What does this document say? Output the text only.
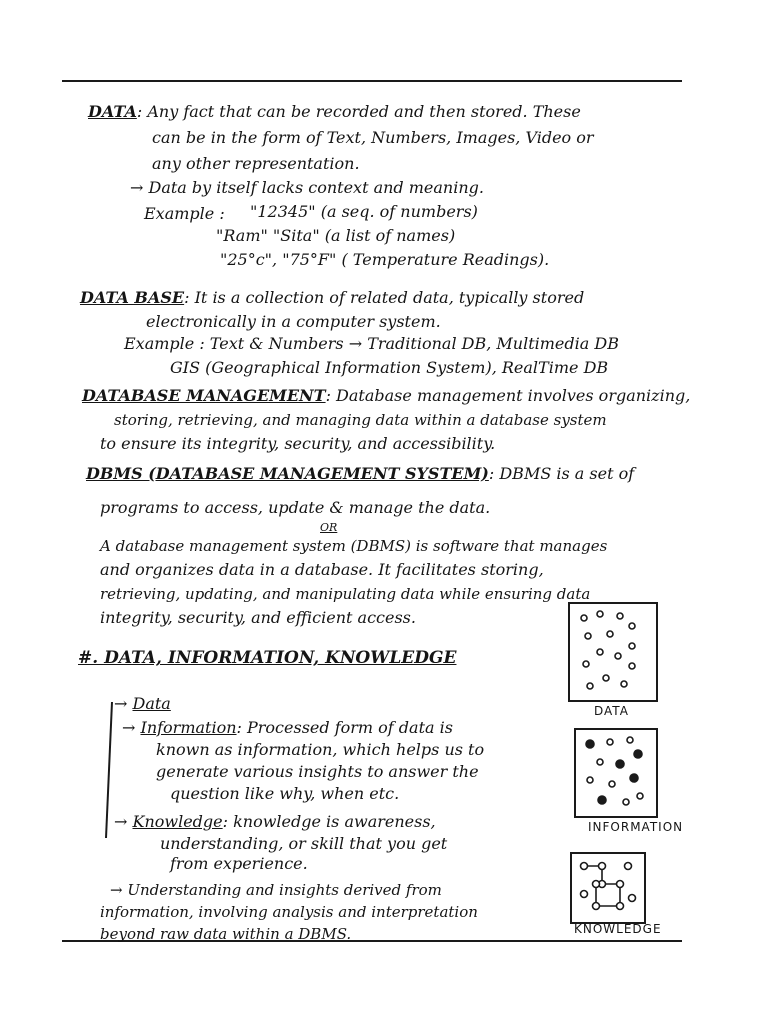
DATA: Any fact that can be recorded and then stored. These
can be in the form of Text, Numbers, Images, Video or
any other representation.
→ Data by itself lacks context and meaning.
Example : "12345" (a seq. of numbers)
"Ram" "Sita" (a list of names)
"25°c", "75°F" ( Temperature Readings).
DATA BASE: It is a collection of related data, typically stored
electronically in a computer system.
Example : Text & Numbers → Traditional DB, Multimedia DB
GIS (Geographical Information System), RealTime DB
DATABASE MANAGEMENT: Database management involves organizing,
storing, retrieving, and managing data within a database system
to ensure its integrity, security, and accessibility.
DBMS (DATABASE MANAGEMENT SYSTEM): DBMS is a set of
programs to access, update & manage the data.
OR
A database management system (DBMS) is software that manages
and organizes data in a database. It facilitates storing,
retrieving, updating, and manipulating data while ensuring data
integrity, security, and efficient access.
#. DATA, INFORMATION, KNOWLEDGE
→ Data
→ Information: Processed form of data is
known as information, which helps us to
generate various insights to answer the
question like why, when etc.
→ Knowledge: knowledge is awareness,
understanding, or skill that you get
from experience.
→ Understanding and insights derived from
information, involving analysis and interpretation
beyond raw data within a DBMS.
DATA
INFORMATION
KNOWLEDGE
